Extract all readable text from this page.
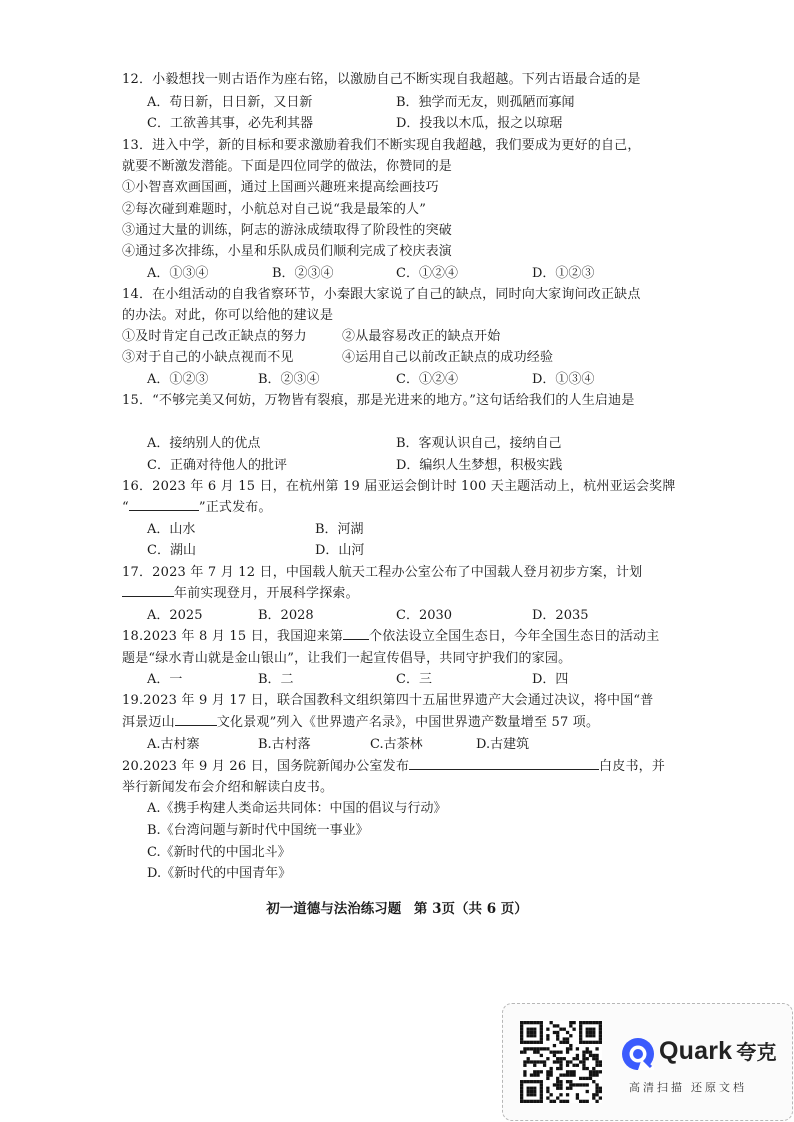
12．小毅想找一则古语作为座右铭，以激励自己不断实现自我超越。下列古语最合适的是
A．苟日新，日日新，又日新	B．独学而无友，则孤陋而寡闻
C．工欲善其事，必先利其器	D．投我以木瓜，报之以琼琚
13．进入中学，新的目标和要求激励着我们不断实现自我超越，我们要成为更好的自己，
就要不断激发潜能。下面是四位同学的做法，你赞同的是
①小智喜欢画国画，通过上国画兴趣班来提高绘画技巧
②每次碰到难题时，小航总对自己说“我是最笨的人”
③通过大量的训练，阿志的游泳成绩取得了阶段性的突破
④通过多次排练，小星和乐队成员们顺利完成了校庆表演
A．①③④	B．②③④	C．①②④	D．①②③
14．在小组活动的自我省察环节，小秦跟大家说了自己的缺点，同时向大家询问改正缺点
的办法。对此，你可以给他的建议是
①及时肯定自己改正缺点的努力	②从最容易改正的缺点开始
③对于自己的小缺点视而不见	④运用自己以前改正缺点的成功经验
A．①②③	B．②③④	C．①②④	D．①③④
15．“不够完美又何妨，万物皆有裂痕，那是光进来的地方。”这句话给我们的人生启迪是
A．接纳别人的优点	B．客观认识自己，接纳自己
C．正确对待他人的批评	D．编织人生梦想，积极实践
16．2023 年 6 月 15 日，在杭州第 19 届亚运会倒计时 100 天主题活动上，杭州亚运会奖牌
“	”正式发布。
A．山水	B．河湖
C．湖山	D．山河
17．2023 年 7 月 12 日，中国载人航天工程办公室公布了中国载人登月初步方案，计划
年前实现登月，开展科学探索。
A．2025	B．2028	C．2030	D．2035
18.2023 年 8 月 15 日，我国迎来第 个依法设立全国生态日，今年全国生态日的活动主
题是“绿水青山就是金山银山”，让我们一起宣传倡导，共同守护我们的家园。
A．一	B．二	C．三	D．四
19.2023 年 9 月 17 日，联合国教科文组织第四十五届世界遗产大会通过决议，将中国“普
洱景迈山	文化景观”列入《世界遗产名录》，中国世界遗产数量增至 57 项。
A.古村寨	B.古村落	C.古茶林	D.古建筑
20.2023 年 9 月 26 日，国务院新闻办公室发布	白皮书，并
举行新闻发布会介绍和解读白皮书。
A.《携手构建人类命运共同体：中国的倡议与行动》
B.《台湾问题与新时代中国统一事业》
C.《新时代的中国北斗》
D.《新时代的中国青年》
初一道德与法治练习题 第 3页（共 6 页）
Quark 夸克
高清扫描 还原文档
